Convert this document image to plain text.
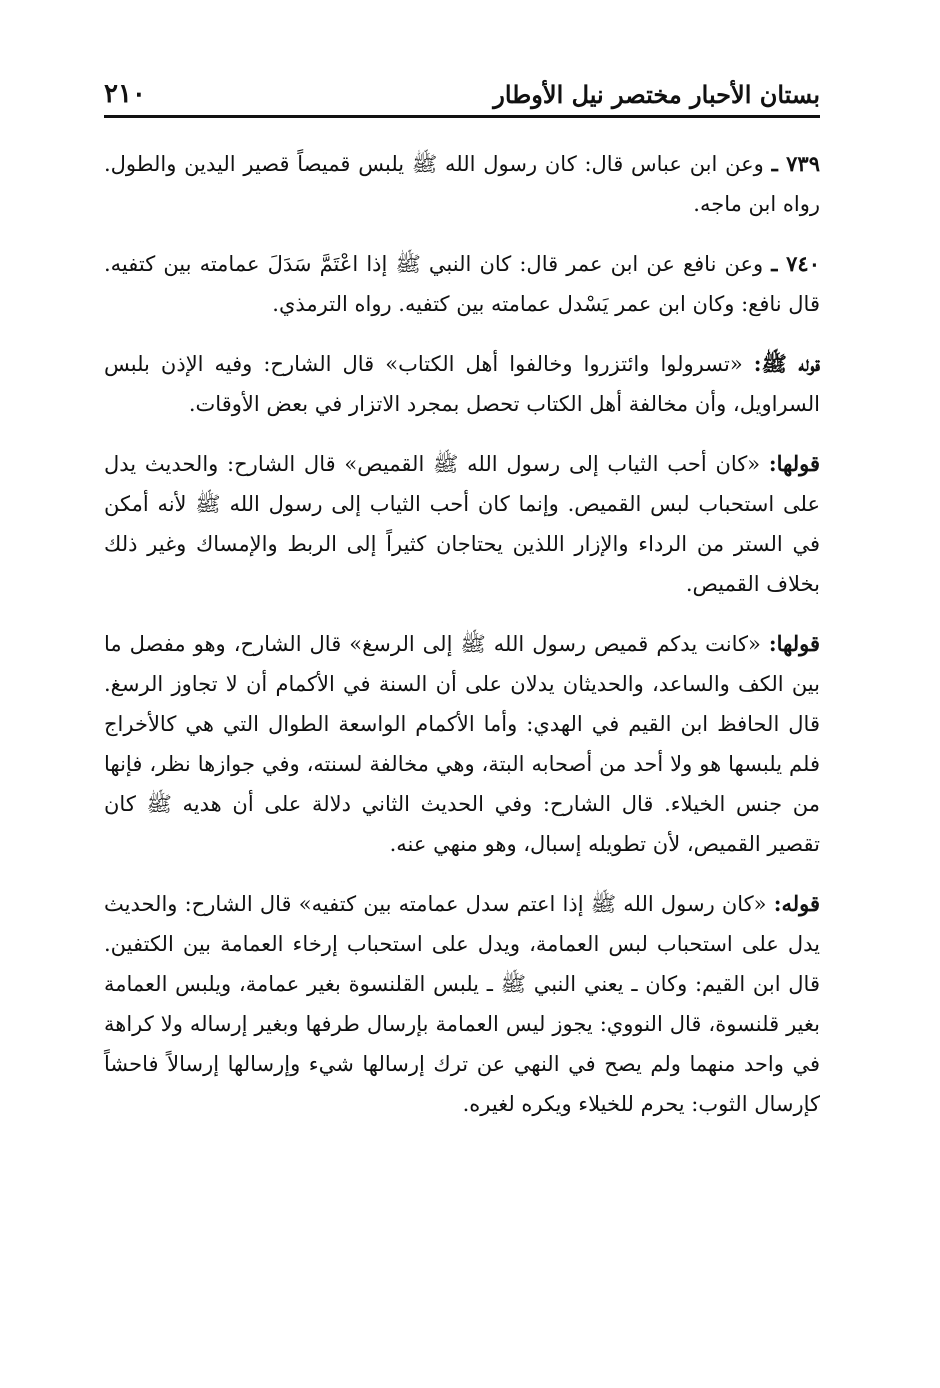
بستان الأحبار مختصر نيل الأوطار
٢١٠

٧٣٩ ـ وعن ابن عباس قال: كان رسول الله ﷺ يلبس قميصاً قصير اليدين والطول. رواه ابن ماجه.

٧٤٠ ـ وعن نافع عن ابن عمر قال: كان النبي ﷺ إذا اعْتَمَّ سَدَلَ عمامته بين كتفيه. قال نافع: وكان ابن عمر يَسْدل عمامته بين كتفيه. رواه الترمذي.

قوله ﷺ: «تسرولوا وائتزروا وخالفوا أهل الكتاب» قال الشارح: وفيه الإذن بلبس السراويل، وأن مخالفة أهل الكتاب تحصل بمجرد الاتزار في بعض الأوقات.

قولها: «كان أحب الثياب إلى رسول الله ﷺ القميص» قال الشارح: والحديث يدل على استحباب لبس القميص. وإنما كان أحب الثياب إلى رسول الله ﷺ لأنه أمكن في الستر من الرداء والإزار اللذين يحتاجان كثيراً إلى الربط والإمساك وغير ذلك بخلاف القميص.

قولها: «كانت يدكم قميص رسول الله ﷺ إلى الرسغ» قال الشارح، وهو مفصل ما بين الكف والساعد، والحديثان يدلان على أن السنة في الأكمام أن لا تجاوز الرسغ. قال الحافظ ابن القيم في الهدي: وأما الأكمام الواسعة الطوال التي هي كالأخراج فلم يلبسها هو ولا أحد من أصحابه البتة، وهي مخالفة لسنته، وفي جوازها نظر، فإنها من جنس الخيلاء. قال الشارح: وفي الحديث الثاني دلالة على أن هديه ﷺ كان تقصير القميص، لأن تطويله إسبال، وهو منهي عنه.

قوله: «كان رسول الله ﷺ إذا اعتم سدل عمامته بين كتفيه» قال الشارح: والحديث يدل على استحباب لبس العمامة، ويدل على استحباب إرخاء العمامة بين الكتفين. قال ابن القيم: وكان ـ يعني النبي ﷺ ـ يلبس القلنسوة بغير عمامة، ويلبس العمامة بغير قلنسوة، قال النووي: يجوز ليس العمامة بإرسال طرفها وبغير إرساله ولا كراهة في واحد منهما ولم يصح في النهي عن ترك إرسالها شيء وإرسالها إرسالاً فاحشاً كإرسال الثوب: يحرم للخيلاء ويكره لغيره.
